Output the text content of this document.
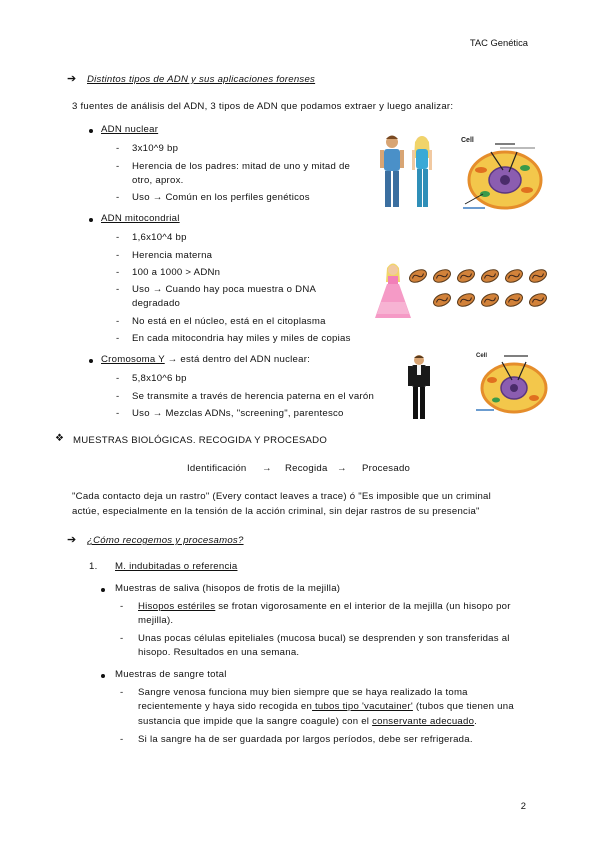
TAC Genética
➔ Distintos tipos de ADN y sus aplicaciones forenses
3 fuentes de análisis del ADN, 3 tipos de ADN que podamos extraer y luego analizar:
ADN nuclear
- 3x10^9 bp
- Herencia de los padres: mitad de uno y mitad de
otro, aprox.
- Uso → Común en los perfiles genéticos
ADN mitocondrial
- 1,6x10^4 bp
- Herencia materna
- 100 a 1000 > ADNn
- Uso → Cuando hay poca muestra o DNA
degradado
- No está en el núcleo, está en el citoplasma
- En cada mitocondria hay miles y miles de copias
Cromosoma Y → está dentro del ADN nuclear:
- 5,8x10^6 bp
- Se transmite a través de herencia paterna en el varón
- Uso → Mezclas ADNs, "screening", parentesco
Cell
Cell
❖ MUESTRAS BIOLÓGICAS. RECOGIDA Y PROCESADO
Identificación → Recogida → Procesado
"Cada contacto deja un rastro" (Every contact leaves a trace) ó "Es imposible que un criminal
actúe, especialmente en la tensión de la acción criminal, sin dejar rastros de su presencia"
➔ ¿Cómo recogemos y procesamos?
1. M. indubitadas o referencia
Muestras de saliva (hisopos de frotis de la mejilla)
- Hisopos estériles se frotan vigorosamente en el interior de la mejilla (un hisopo por
mejilla).
- Unas pocas células epiteliales (mucosa bucal) se desprenden y son transferidas al
hisopo. Resultados en una semana.
Muestras de sangre total
- Sangre venosa funciona muy bien siempre que se haya realizado la toma
recientemente y haya sido recogida en tubos tipo 'vacutainer' (tubos que tienen una
sustancia que impide que la sangre coagule) con el conservante adecuado.
- Si la sangre ha de ser guardada por largos períodos, debe ser refrigerada.
2
